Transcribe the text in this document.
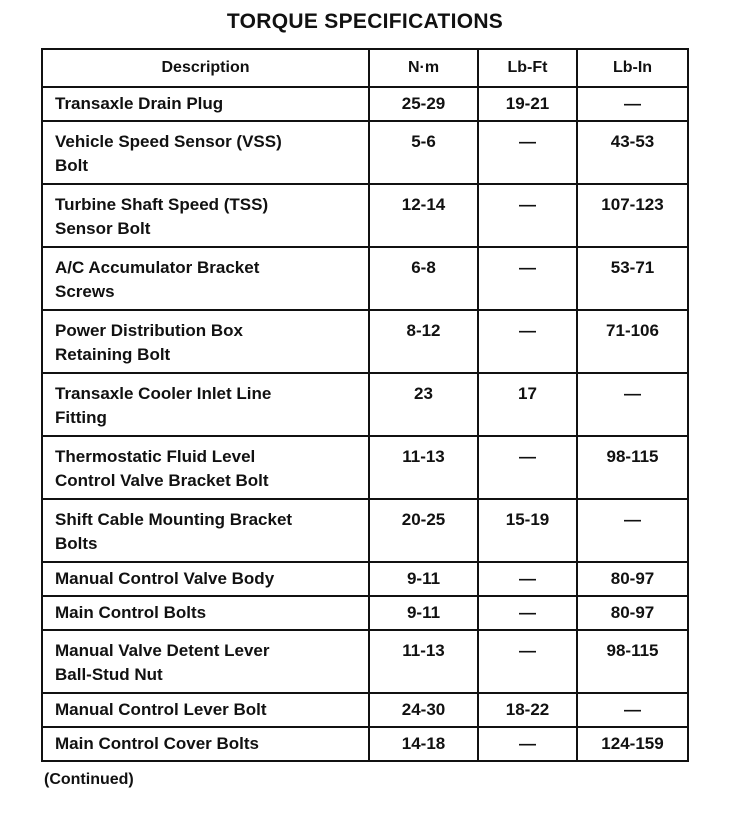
TORQUE SPECIFICATIONS
Description	N·m	Lb-Ft	Lb-In

Transaxle Drain Plug	25-29	19-21	—

Vehicle Speed Sensor (VSS)
Bolt	5-6	—	43-53

Turbine Shaft Speed (TSS)
Sensor Bolt	12-14	—	107-123

A/C Accumulator Bracket
Screws	6-8	—	53-71

Power Distribution Box
Retaining Bolt	8-12	—	71-106

Transaxle Cooler Inlet Line
Fitting	23	17	—

Thermostatic Fluid Level
Control Valve Bracket Bolt	11-13	—	98-115

Shift Cable Mounting Bracket
Bolts	20-25	15-19	—

Manual Control Valve Body	9-11	—	80-97

Main Control Bolts	9-11	—	80-97

Manual Valve Detent Lever
Ball-Stud Nut	11-13	—	98-115

Manual Control Lever Bolt	24-30	18-22	—

Main Control Cover Bolts	14-18	—	124-159
(Continued)
